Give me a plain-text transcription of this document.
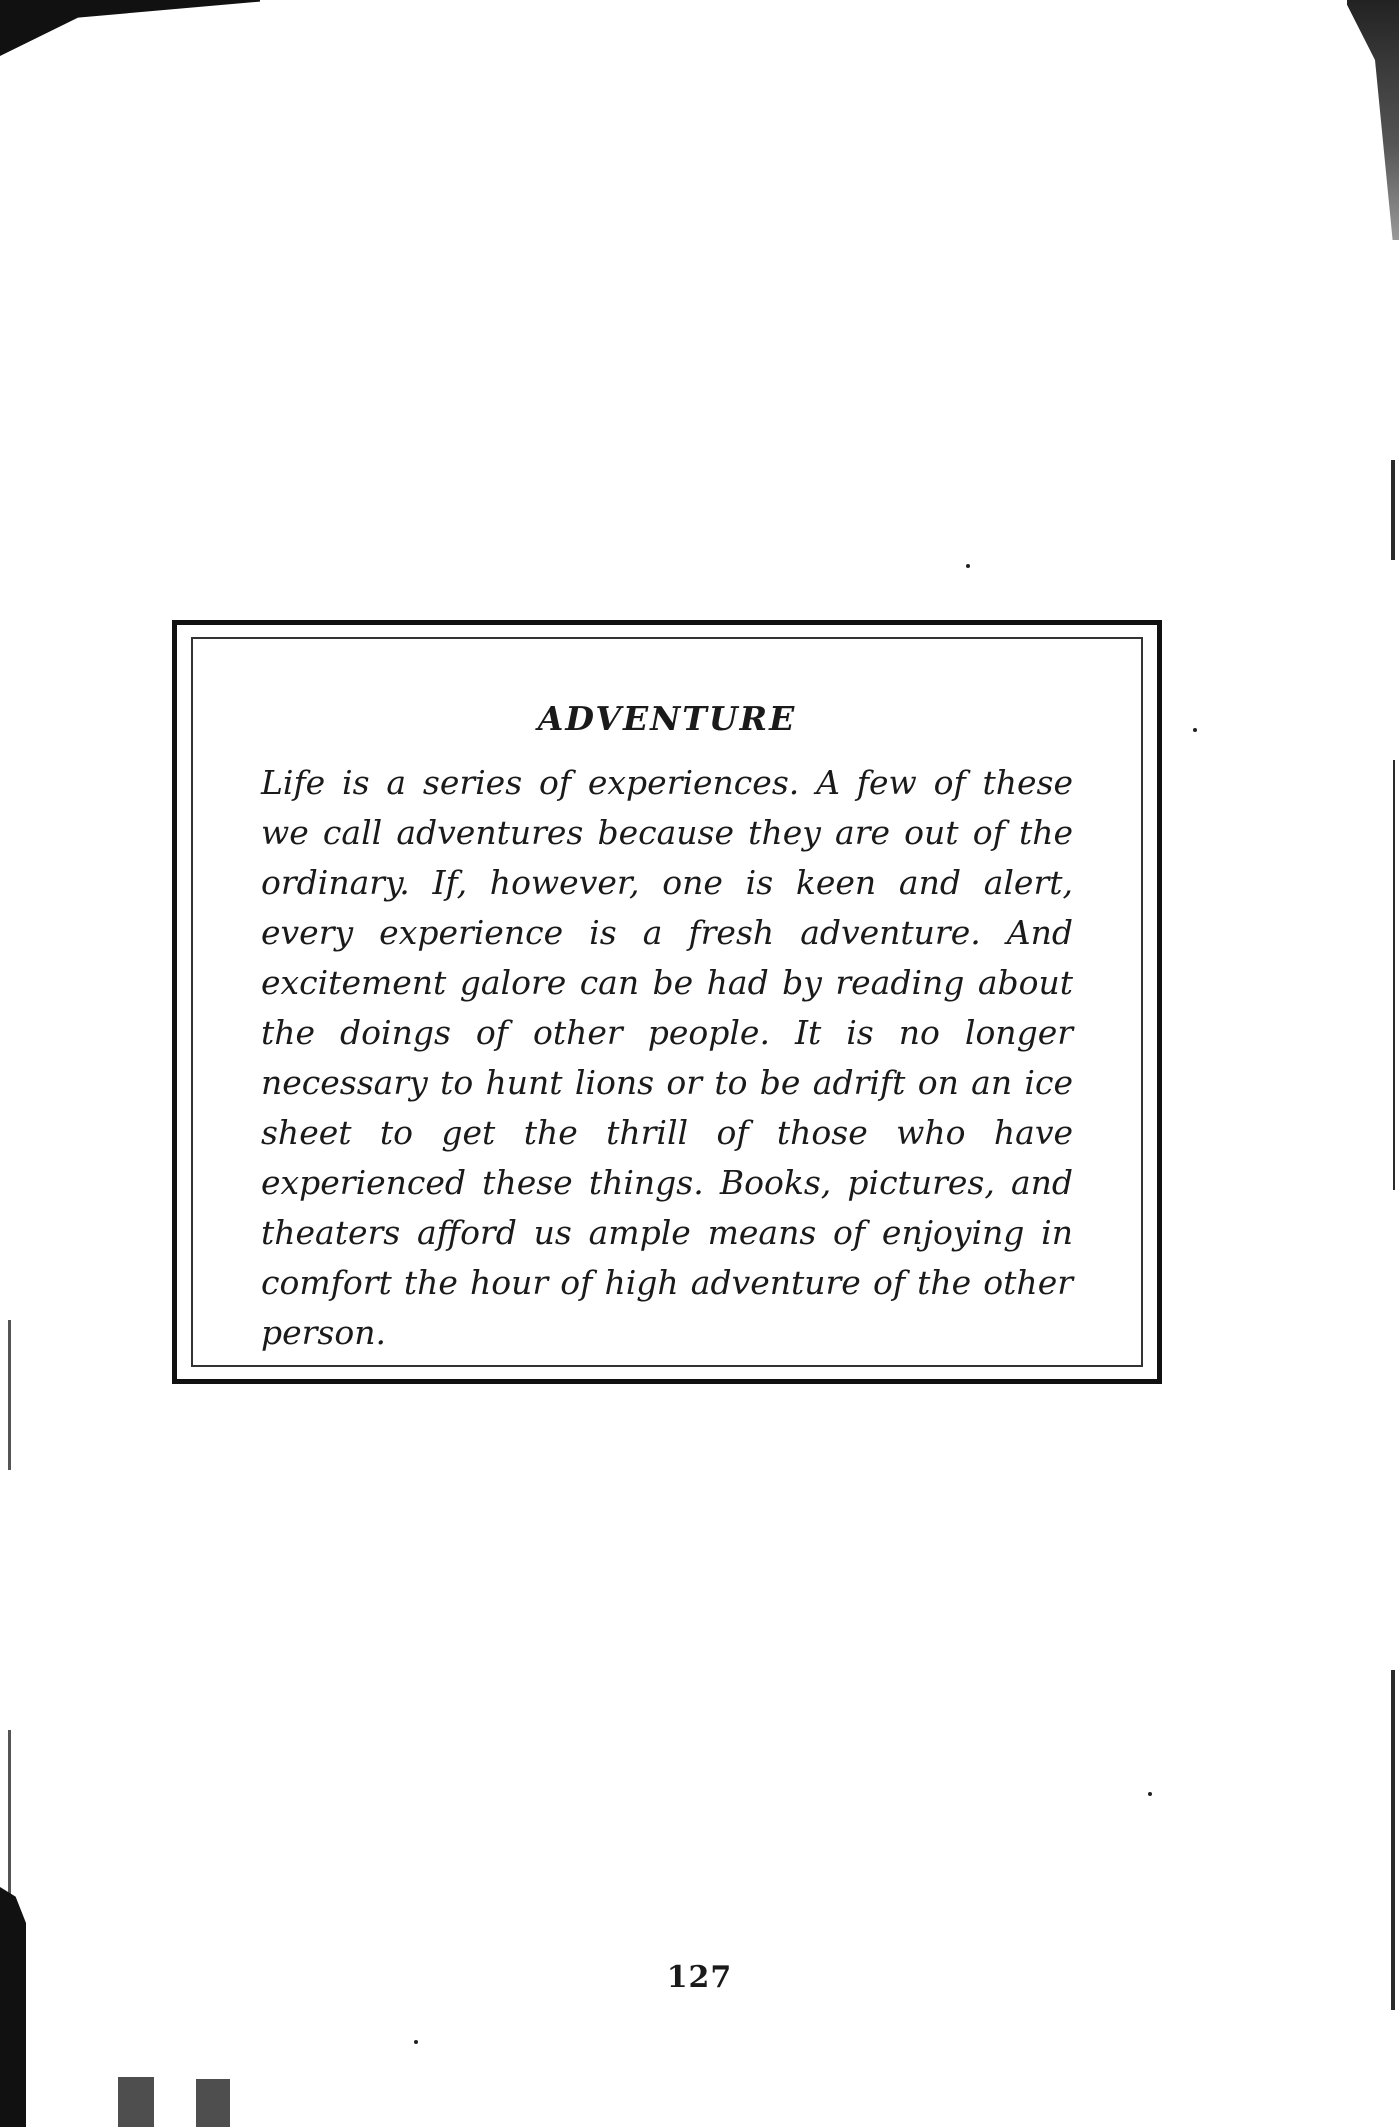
ADVENTURE

Life is a series of experiences. A few of these we call adventures because they are out of the ordinary. If, however, one is keen and alert, every experience is a fresh adventure. And excitement galore can be had by reading about the doings of other people. It is no longer necessary to hunt lions or to be adrift on an ice sheet to get the thrill of those who have experienced these things. Books, pictures, and theaters afford us ample means of enjoying in comfort the hour of high adventure of the other person.

127
